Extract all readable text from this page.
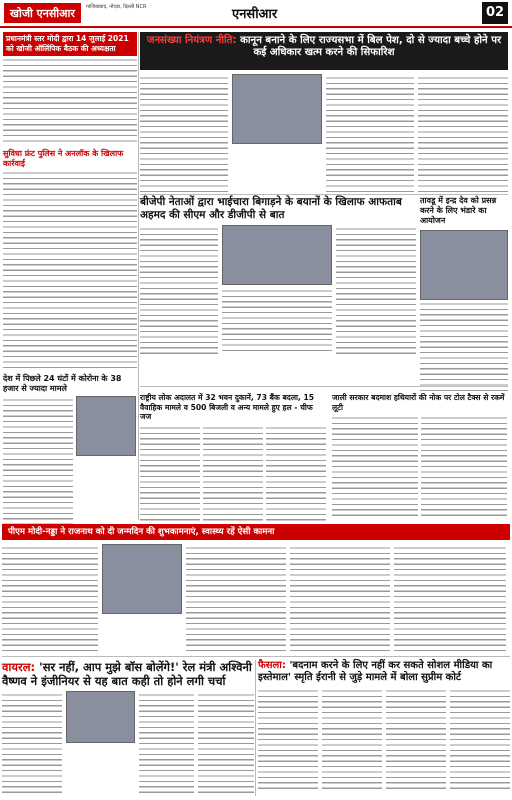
खोजी एनसीआर	गाजियाबाद, नोएडा, दिल्ली NCR	एनसीआर	02
प्रधानमंत्री स्तर मोदी द्वारा 14 जुलाई 2021 को खोजी ऑलिंपिक बैठक की अध्यक्षता
सुविधा फ्रंट पुलिस ने अनलॉक के खिलाफ कार्रवाई
देश में पिछले 24 घंटों में कोरोना के 38 हजार से ज्यादा मामले
जनसंख्या नियंत्रण नीति: कानून बनाने के लिए राज्यसभा में बिल पेश, दो से ज्यादा बच्चे होने पर कई अधिकार खत्म करने की सिफारिश
बीजेपी नेताओं द्वारा भाईचारा बिगाड़ने के बयानों के खिलाफ आफताब अहमद की सीएम और डीजीपी से बात
तावडू में इन्द्र देव को प्रसन्न करने के लिए भंडारे का आयोजन
राष्ट्रीय लोक अदालत में 32 भवन दुकानें, 73 बैंक बदला, 15 वैवाहिक मामले व 500 बिजली व अन्य मामले हुए हल - चीफ जज
जाली सरकार बदमाश हथियारों की नोक पर टोल टैक्स से रकमें लूटी
पीएम मोदी-नड्डा ने राजनाथ को दी जन्मदिन की शुभकामनाएं, स्वास्थ्य रहें ऐसी कामना
वायरल: 'सर नहीं, आप मुझे बॉस बोलेंगे!' रेल मंत्री अश्विनी वैष्णव ने इंजीनियर से यह बात कही तो होने लगी चर्चा
फैसला: 'बदनाम करने के लिए नहीं कर सकते सोशल मीडिया का इस्तेमाल' स्मृति ईरानी से जुड़े मामले में बोला सुप्रीम कोर्ट
